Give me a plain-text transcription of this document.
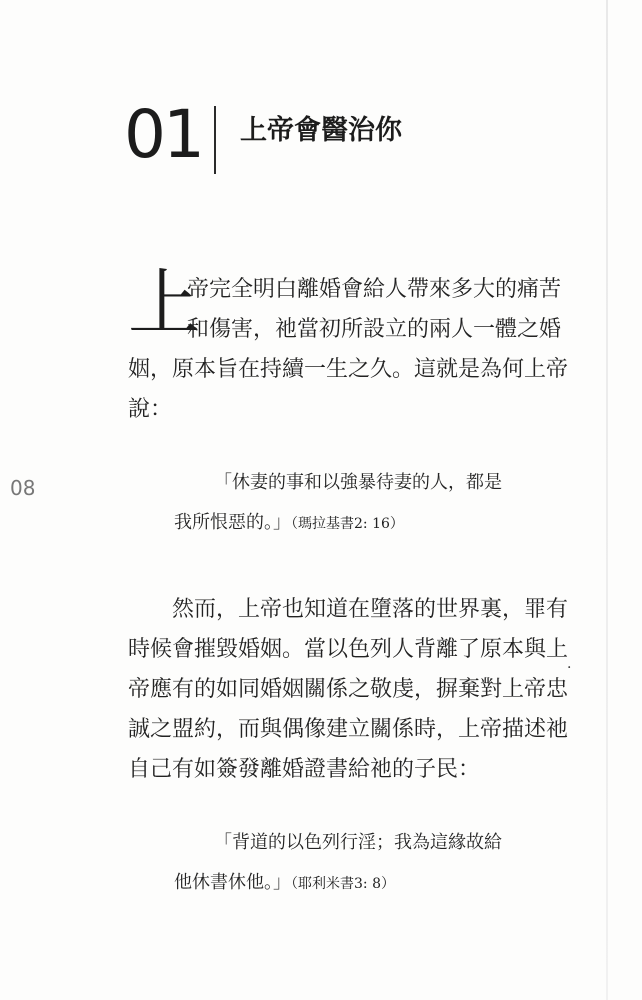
01 上帝會醫治你
上
帝完全明白離婚會給人帶來多大的痛苦
和傷害，祂當初所設立的兩人一體之婚
姻，原本旨在持續一生之久。這就是為何上帝
說：
「休妻的事和以強暴待妻的人，都是
我所恨惡的。」（瑪拉基書2: 16）
然而，上帝也知道在墮落的世界裏，罪有
時候會摧毀婚姻。當以色列人背離了原本與上
帝應有的如同婚姻關係之敬虔，摒棄對上帝忠
誠之盟約，而與偶像建立關係時，上帝描述祂
自己有如簽發離婚證書給祂的子民：
「背道的以色列行淫；我為這緣故給
他休書休他。」（耶利米書3: 8）
08
·
